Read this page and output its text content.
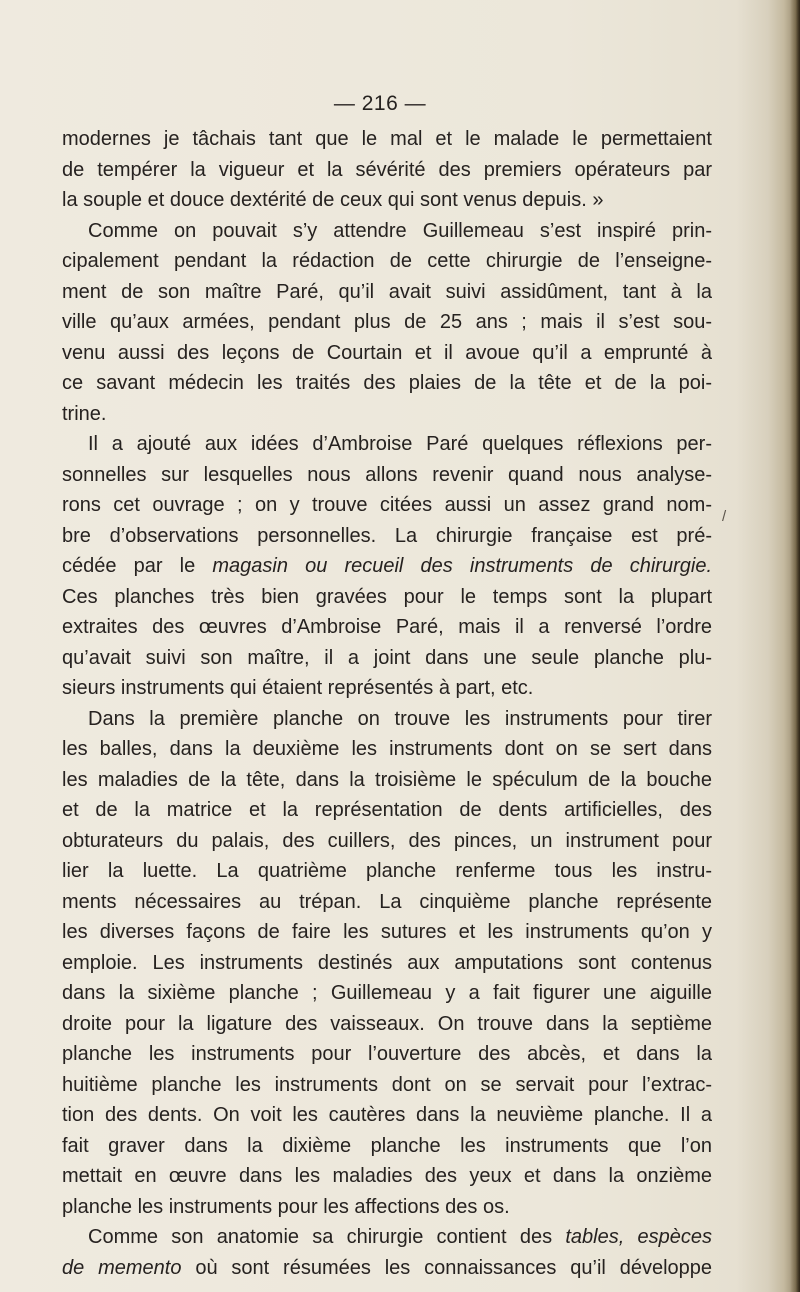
— 216 —
modernes je tâchais tant que le mal et le malade le permettaient
de tempérer la vigueur et la sévérité des premiers opérateurs par
la souple et douce dextérité de ceux qui sont venus depuis. »
Comme on pouvait s’y attendre Guillemeau s’est inspiré prin-
cipalement pendant la rédaction de cette chirurgie de l’enseigne-
ment de son maître Paré, qu’il avait suivi assidûment, tant à la
ville qu’aux armées, pendant plus de 25 ans ; mais il s’est sou-
venu aussi des leçons de Courtain et il avoue qu’il a emprunté à
ce savant médecin les traités des plaies de la tête et de la poi-
trine.
Il a ajouté aux idées d’Ambroise Paré quelques réflexions per-
sonnelles sur lesquelles nous allons revenir quand nous analyse-
rons cet ouvrage ; on y trouve citées aussi un assez grand nom-
bre d’observations personnelles. La chirurgie française est pré-
cédée par le magasin ou recueil des instruments de chirurgie.
Ces planches très bien gravées pour le temps sont la plupart
extraites des œuvres d’Ambroise Paré, mais il a renversé l’ordre
qu’avait suivi son maître, il a joint dans une seule planche plu-
sieurs instruments qui étaient représentés à part, etc.
Dans la première planche on trouve les instruments pour tirer
les balles, dans la deuxième les instruments dont on se sert dans
les maladies de la tête, dans la troisième le spéculum de la bouche
et de la matrice et la représentation de dents artificielles, des
obturateurs du palais, des cuillers, des pinces, un instrument pour
lier la luette. La quatrième planche renferme tous les instru-
ments nécessaires au trépan. La cinquième planche représente
les diverses façons de faire les sutures et les instruments qu’on y
emploie. Les instruments destinés aux amputations sont contenus
dans la sixième planche ; Guillemeau y a fait figurer une aiguille
droite pour la ligature des vaisseaux. On trouve dans la septième
planche les instruments pour l’ouverture des abcès, et dans la
huitième planche les instruments dont on se servait pour l’extrac-
tion des dents. On voit les cautères dans la neuvième planche. Il a
fait graver dans la dixième planche les instruments que l’on
mettait en œuvre dans les maladies des yeux et dans la onzième
planche les instruments pour les affections des os.
Comme son anatomie sa chirurgie contient des tables, espèces
de memento où sont résumées les connaissances qu’il développe
/
